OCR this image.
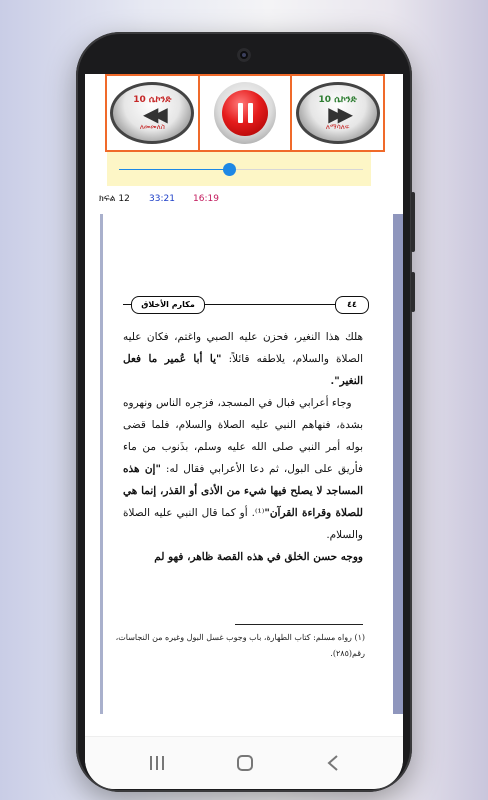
10 ሴኮንድ
◀◀
ለመመለስ
10 ሴኮንድ
▶▶
ለማሳለፍ
ክፍል 12 33:21 16:19
مكارم الأخلاق	٤٤

هلك هذا النغير، فحزن عليه الصبي واغتم، فكان عليه الصلاة والسلام، يلاطفه قائلاً: "يا أبا عُمير ما فعل النغير".

وجاء أعرابي فبال في المسجد، فزجره الناس ونهروه بشدة، فنهاهم النبي عليه الصلاة والسلام، فلما قضى بوله أمر النبي صلى الله عليه وسلم، بذَنوب من ماء فأريق على البول، ثم دعا الأعرابي فقال له: "إن هذه المساجد لا يصلح فيها شيء من الأذى أو القذر، إنما هي للصلاة وقراءة القرآن"⁽¹⁾. أو كما قال النبي عليه الصلاة والسلام.

ووجه حسن الخلق في هذه القصة ظاهر، فهو لم

(١) رواه مسلم: كتاب الطهارة، باب وجوب غسل البول وغيره من النجاسات، رقم(٢٨٥).
